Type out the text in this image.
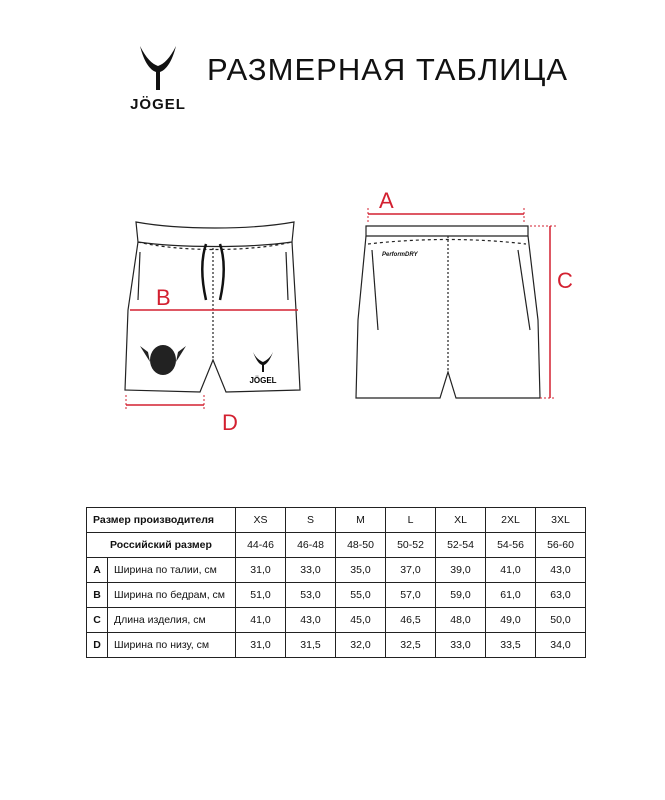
JÖGEL
РАЗМЕРНАЯ ТАБЛИЦА
JÖGEL
PerformDRY
A
B
C
D
Размер производителя		XS	S	M	L	XL	2XL	3XL
Российский размер		44-46	46-48	48-50	50-52	52-54	54-56	56-60
A	Ширина по талии, см	31,0	33,0	35,0	37,0	39,0	41,0	43,0
B	Ширина по бедрам, см	51,0	53,0	55,0	57,0	59,0	61,0	63,0
C	Длина изделия, см	41,0	43,0	45,0	46,5	48,0	49,0	50,0
D	Ширина по низу, см	31,0	31,5	32,0	32,5	33,0	33,5	34,0
